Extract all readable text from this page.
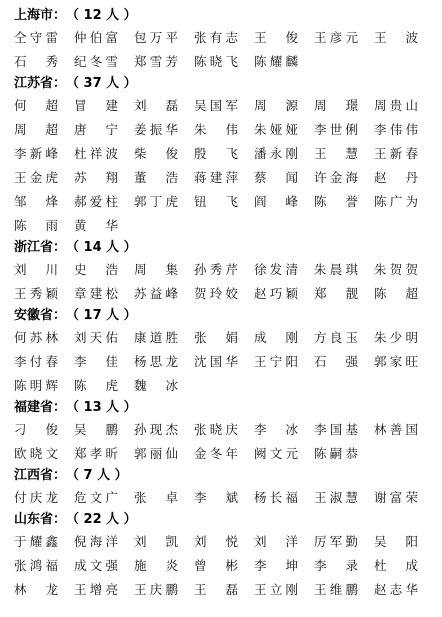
上海市：（ 12 人 ）
仝守雷 仲伯富 包万平 张有志 王 俊 王彦元 王 波
石 秀 纪冬雪 郑雪芳 陈晓飞 陈耀麟
江苏省：（ 37 人 ）
何 超 冒 建 刘 磊 吴国军 周 源 周 璟 周贵山
周 超 唐 宁 姜振华 朱 伟 朱娅娅 李世俐 李伟伟
李新峰 杜祥波 柴 俊 殷 飞 潘永刚 王 慧 王新春
王金虎 苏 翔 董 浩 蒋建萍 蔡 闻 许金海 赵 丹
邹 烽 郝爱柱 郭丁虎 钮 飞 阎 峰 陈 誉 陈广为
陈 雨 黄 华
浙江省：（ 14 人 ）
刘 川 史 浩 周 集 孙秀芹 徐发清 朱晨琪 朱贺贺
王秀颖 章建松 苏益峰 贺玲姣 赵巧颖 郑 靓 陈 超
安徽省：（ 17 人 ）
何苏林 刘天佑 康道胜 张 娟 成 刚 方良玉 朱少明
李付春 李 佳 杨思龙 沈国华 王宁阳 石 强 郭家旺
陈明辉 陈 虎 魏 冰
福建省：（ 13 人 ）
刁 俊 吴 鹏 孙现杰 张晓庆 李 冰 李国基 林善国
欧晓文 郑孝昕 郭丽仙 金冬年 阙文元 陈嗣恭
江西省：（ 7 人 ）
付庆龙 危文广 张 卓 李 斌 杨长福 王淑慧 谢富荣
山东省：（ 22 人 ）
于耀鑫 倪海洋 刘 凯 刘 悦 刘 洋 厉军勤 吴 阳
张鸿福 成文强 施 炎 曾 彬 李 坤 李 录 杜 成
林 龙 王增亮 王庆鹏 王 磊 王立刚 王维鹏 赵志华
